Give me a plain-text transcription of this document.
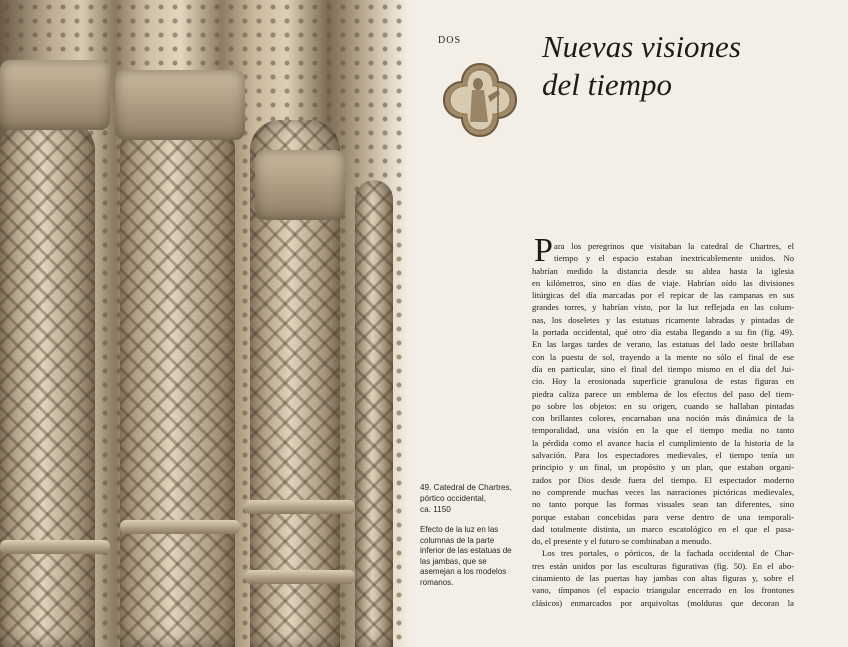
49. Catedral de Chartres,
pórtico occidental,
ca. 1150
Efecto de la luz en las
columnas de la parte
inferior de las estatuas de
las jambas, que se
asemejan a los modelos
romanos.
DOS	Nuevas visiones
del tiempo
P ara los peregrinos que visitaban la catedral de Chartres, el
tiempo y el espacio estaban inextricablemente unidos. No
habrían medido la distancia desde su aldea hasta la iglesia
en kilómetros, sino en días de viaje. Habrían oído las divisiones
litúrgicas del día marcadas por el repicar de las campanas en sus
grandes torres, y habrían visto, por la luz reflejada en las colum-
nas, los doseletes y las estatuas ricamente labradas y pintadas de
la portada occidental, qué otro día estaba llegando a su fin (fig. 49).
En las largas tardes de verano, las estatuas del lado oeste brillaban
con la puesta de sol, trayendo a la mente no sólo el final de ese
día en particular, sino el final del tiempo mismo en el día del Jui-
cio. Hoy la erosionada superficie granulosa de estas figuras en
piedra caliza parece un emblema de los efectos del paso del tiem-
po sobre los objetos: en su origen, cuando se hallaban pintadas
con brillantes colores, encarnaban una noción más dinámica de la
temporalidad, una visión en la que el tiempo media no tanto
la pérdida como el avance hacia el cumplimiento de la historia de la
salvación. Para los espectadores medievales, el tiempo tenía un
principio y un final, un propósito y un plan, que estaban organi-
zados por Dios desde fuera del tiempo. El espectador moderno
no comprende muchas veces las narraciones pictóricas medievales,
no tanto porque las formas visuales sean tan diferentes, sino
porque estaban concebidas para verse dentro de una temporali-
dad totalmente distinta, un marco escatológico en el que el pasa-
do, el presente y el futuro se combinaban a menudo.
Los tres portales, o pórticos, de la fachada occidental de Char-
tres están unidos por las esculturas figurativas (fig. 50). En el abo-
cinamiento de las puertas hay jambas con altas figuras y, sobre el
vano, tímpanos (el espacio triangular encerrado en los frontones
clásicos) enmarcados por arquivoltas (molduras que decoran la
